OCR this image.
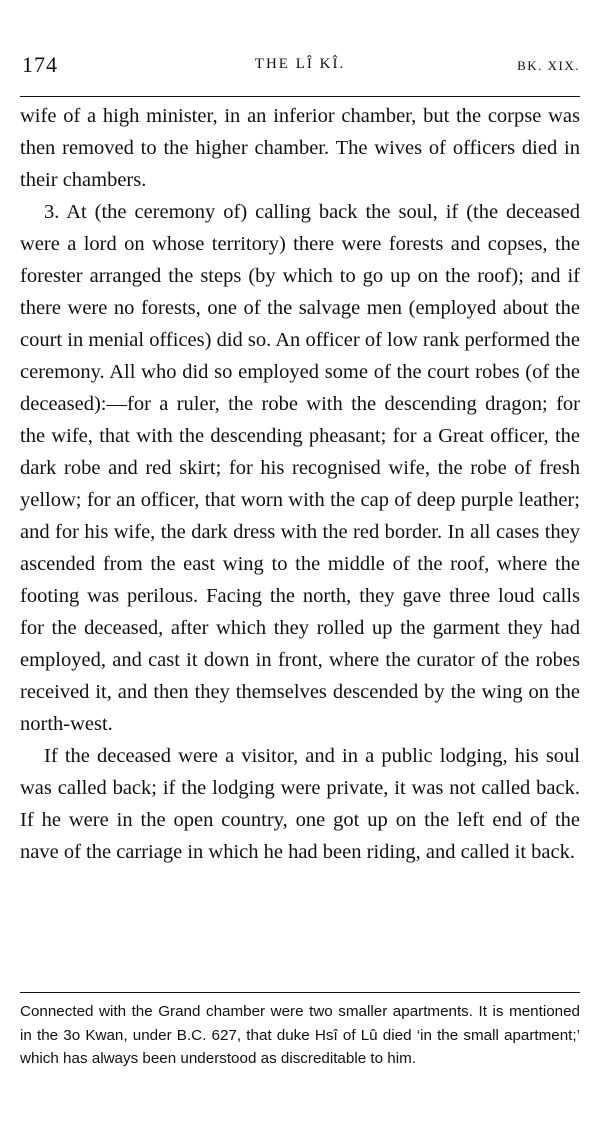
174	THE LÎ KÎ.	BK. XIX.

wife of a high minister, in an inferior chamber, but the corpse was then removed to the higher chamber. The wives of officers died in their chambers.

3. At (the ceremony of) calling back the soul, if (the deceased were a lord on whose territory) there were forests and copses, the forester arranged the steps (by which to go up on the roof); and if there were no forests, one of the salvage men (employed about the court in menial offices) did so. An officer of low rank performed the ceremony. All who did so employed some of the court robes (of the deceased):—for a ruler, the robe with the descending dragon; for the wife, that with the descending pheasant; for a Great officer, the dark robe and red skirt; for his recognised wife, the robe of fresh yellow; for an officer, that worn with the cap of deep purple leather; and for his wife, the dark dress with the red border. In all cases they ascended from the east wing to the middle of the roof, where the footing was perilous. Facing the north, they gave three loud calls for the deceased, after which they rolled up the garment they had employed, and cast it down in front, where the curator of the robes received it, and then they themselves descended by the wing on the north-west.

If the deceased were a visitor, and in a public lodging, his soul was called back; if the lodging were private, it was not called back. If he were in the open country, one got up on the left end of the nave of the carriage in which he had been riding, and called it back.

Connected with the Grand chamber were two smaller apartments. It is mentioned in the 3o Kwan, under B.C. 627, that duke Hsî of Lû died ‘in the small apartment;’ which has always been understood as discreditable to him.
